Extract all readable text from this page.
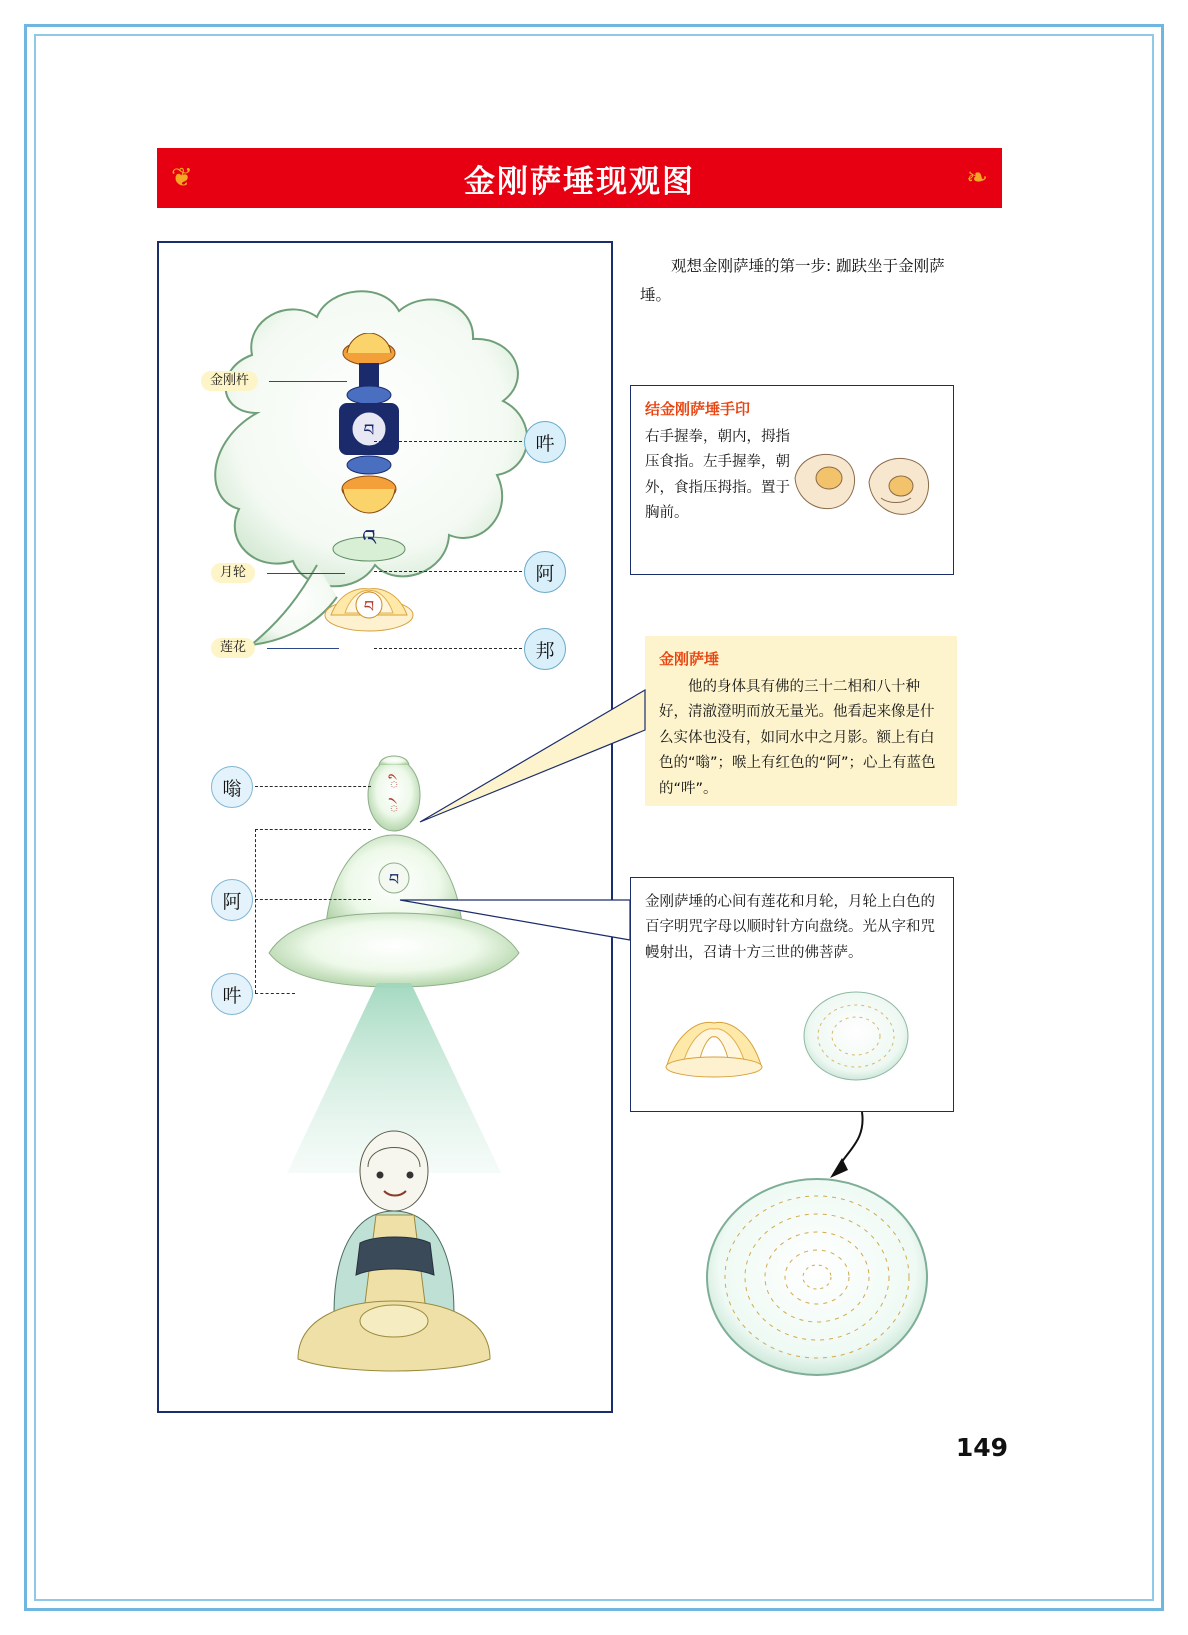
❦	金刚萨埵现观图	❧
བ
འ
བ
金刚杵
月轮
莲花
吽
阿
邦
ི
ེ
བ
嗡
阿
吽
观想金刚萨埵的第一步: 跏趺坐于金刚萨埵。
结金刚萨埵手印
右手握拳，朝内，拇指压食指。左手握拳，朝外，食指压拇指。置于胸前。
金刚萨埵
他的身体具有佛的三十二相和八十种好，清澈澄明而放无量光。他看起来像是什么实体也没有，如同水中之月影。额上有白色的“嗡”；喉上有红色的“阿”；心上有蓝色的“吽”。
金刚萨埵的心间有莲花和月轮，月轮上白色的百字明咒字母以顺时针方向盘绕。光从字和咒幔射出，召请十方三世的佛菩萨。
149
